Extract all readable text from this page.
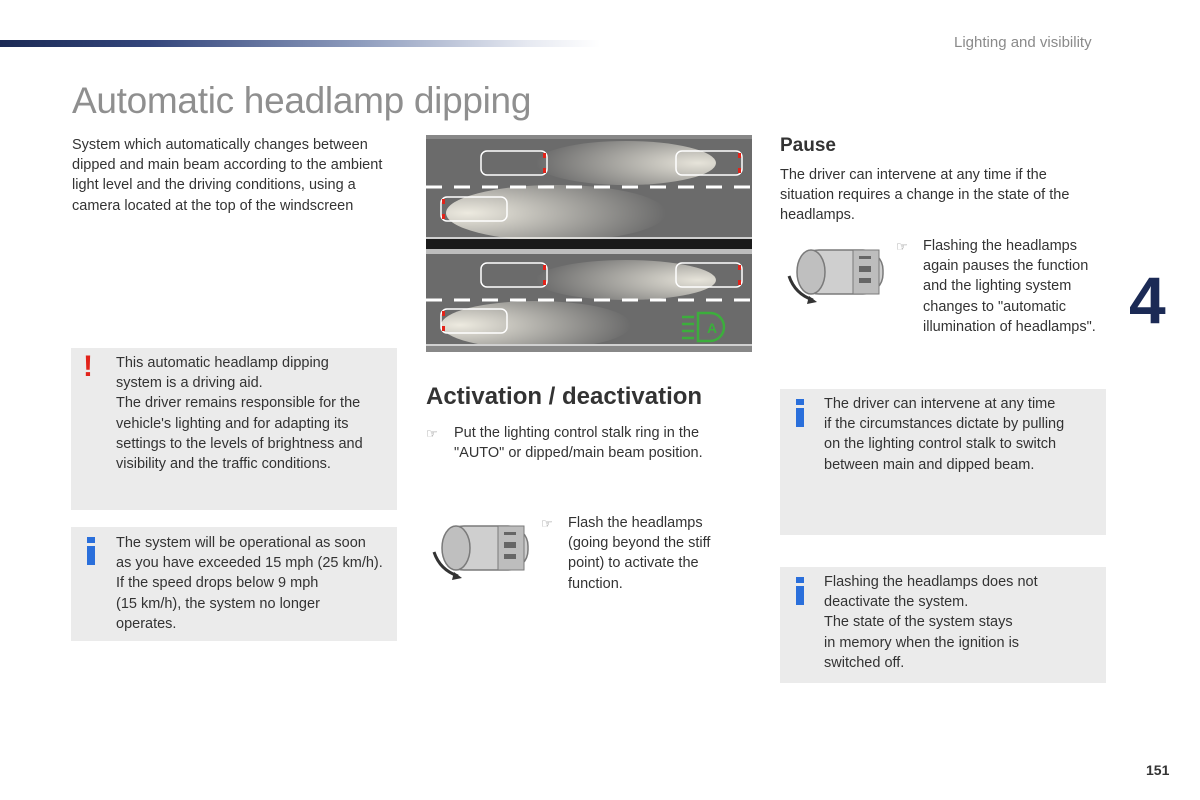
Lighting and visibility
Automatic headlamp dipping
System which automatically changes between dipped and main beam according to the ambient light level and the driving conditions, using a camera located at the top of the windscreen
! This automatic headlamp dipping
system is a driving aid.
The driver remains responsible for the
vehicle's lighting and for adapting its
settings to the levels of brightness and
visibility and the traffic conditions.
The system will be operational as soon
as you have exceeded 15 mph (25 km/h).
If the speed drops below 9 mph
(15 km/h), the system no longer
operates.
A
Activation / deactivation
☞ Put the lighting control stalk ring in the
"AUTO" or dipped/main beam position.
☞ Flash the headlamps
(going beyond the stiff
point) to activate the
function.
Pause
The driver can intervene at any time if the
situation requires a change in the state of the
headlamps.
☞ Flashing the headlamps
again pauses the function
and the lighting system
changes to "automatic
illumination of headlamps". 4
The driver can intervene at any time
if the circumstances dictate by pulling
on the lighting control stalk to switch
between main and dipped beam.
Flashing the headlamps does not
deactivate the system.
The state of the system stays
in memory when the ignition is
switched off.
151
